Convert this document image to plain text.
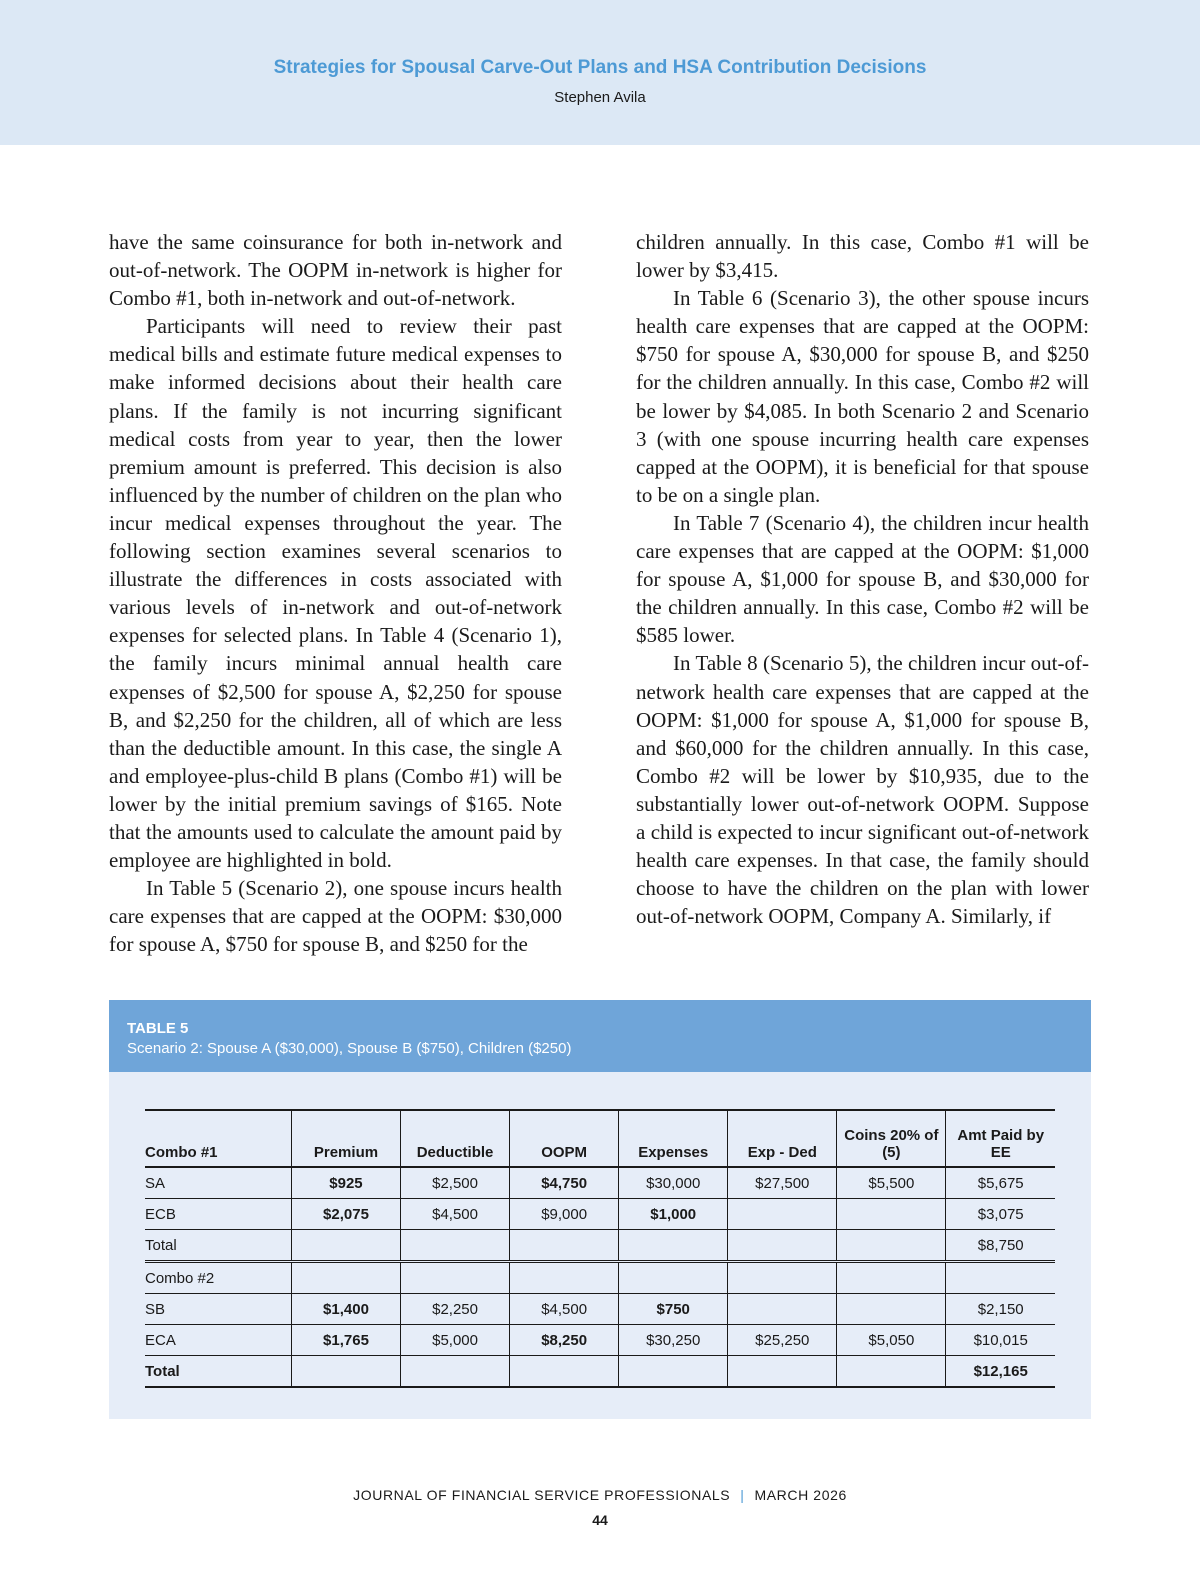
Strategies for Spousal Carve-Out Plans and HSA Contribution Decisions
Stephen Avila

have the same coinsurance for both in-network and out-of-network. The OOPM in-network is higher for Combo #1, both in-network and out-of-network.

Participants will need to review their past medical bills and estimate future medical expenses to make informed decisions about their health care plans. If the family is not incurring significant medical costs from year to year, then the lower premium amount is preferred. This decision is also influenced by the number of children on the plan who incur medical expenses throughout the year. The following section examines several scenarios to illustrate the differences in costs associated with various levels of in-network and out-of-network expenses for selected plans. In Table 4 (Scenario 1), the family incurs minimal annual health care expenses of $2,500 for spouse A, $2,250 for spouse B, and $2,250 for the children, all of which are less than the deductible amount. In this case, the single A and employee-plus-child B plans (Combo #1) will be lower by the initial premium savings of $165. Note that the amounts used to calculate the amount paid by employee are highlighted in bold.

In Table 5 (Scenario 2), one spouse incurs health care expenses that are capped at the OOPM: $30,000 for spouse A, $750 for spouse B, and $250 for the

children annually. In this case, Combo #1 will be lower by $3,415.

In Table 6 (Scenario 3), the other spouse incurs health care expenses that are capped at the OOPM: $750 for spouse A, $30,000 for spouse B, and $250 for the children annually. In this case, Combo #2 will be lower by $4,085. In both Scenario 2 and Scenario 3 (with one spouse incurring health care expenses capped at the OOPM), it is beneficial for that spouse to be on a single plan.

In Table 7 (Scenario 4), the children incur health care expenses that are capped at the OOPM: $1,000 for spouse A, $1,000 for spouse B, and $30,000 for the children annually. In this case, Combo #2 will be $585 lower.

In Table 8 (Scenario 5), the children incur out-of-network health care expenses that are capped at the OOPM: $1,000 for spouse A, $1,000 for spouse B, and $60,000 for the children annually. In this case, Combo #2 will be lower by $10,935, due to the substantially lower out-of-network OOPM. Suppose a child is expected to incur significant out-of-network health care expenses. In that case, the family should choose to have the children on the plan with lower out-of-network OOPM, Company A. Similarly, if

TABLE 5
Scenario 2: Spouse A ($30,000), Spouse B ($750), Children ($250)
Combo #1	Premium	Deductible	OOPM	Expenses	Exp - Ded	Coins 20% of (5)	Amt Paid by EE
SA	$925	$2,500	$4,750	$30,000	$27,500	$5,500	$5,675
ECB	$2,075	$4,500	$9,000	$1,000			$3,075
Total							$8,750
Combo #2							
SB	$1,400	$2,250	$4,500	$750			$2,150
ECA	$1,765	$5,000	$8,250	$30,250	$25,250	$5,050	$10,015
Total							$12,165
JOURNAL OF FINANCIAL SERVICE PROFESSIONALS | MARCH 2026
44
